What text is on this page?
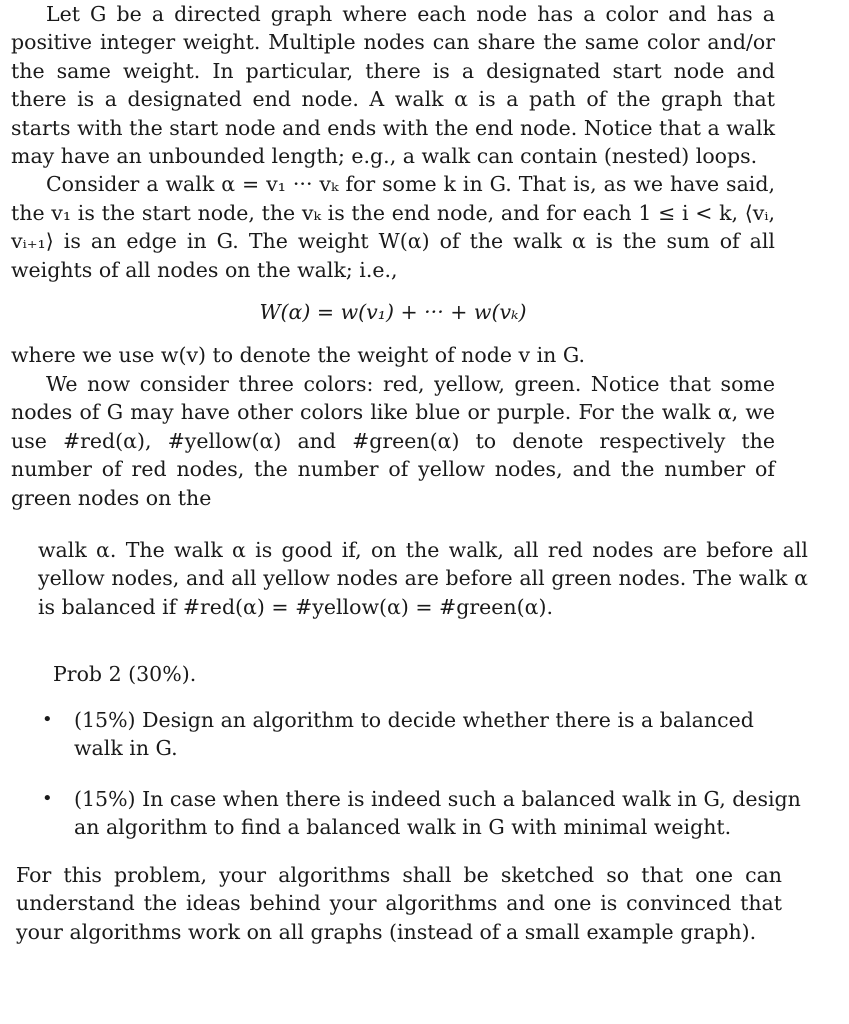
Let G be a directed graph where each node has a color and has a positive integer weight. Multiple nodes can share the same color and/or the same weight. In particular, there is a designated start node and there is a designated end node. A walk α is a path of the graph that starts with the start node and ends with the end node. Notice that a walk may have an unbounded length; e.g., a walk can contain (nested) loops.

Consider a walk α = v₁ ··· vₖ for some k in G. That is, as we have said, the v₁ is the start node, the vₖ is the end node, and for each 1 ≤ i < k, ⟨vᵢ, vᵢ₊₁⟩ is an edge in G. The weight W(α) of the walk α is the sum of all weights of all nodes on the walk; i.e.,

W(α) = w(v₁) + ··· + w(vₖ)

where we use w(v) to denote the weight of node v in G.

We now consider three colors: red, yellow, green. Notice that some nodes of G may have other colors like blue or purple. For the walk α, we use #red(α), #yellow(α) and #green(α) to denote respectively the number of red nodes, the number of yellow nodes, and the number of green nodes on the

walk α. The walk α is good if, on the walk, all red nodes are before all yellow nodes, and all yellow nodes are before all green nodes. The walk α is balanced if #red(α) = #yellow(α) = #green(α).

Prob 2 (30%).
• (15%) Design an algorithm to decide whether there is a balanced walk in G.
• (15%) In case when there is indeed such a balanced walk in G, design an algorithm to find a balanced walk in G with minimal weight.

For this problem, your algorithms shall be sketched so that one can understand the ideas behind your algorithms and one is convinced that your algorithms work on all graphs (instead of a small example graph).
